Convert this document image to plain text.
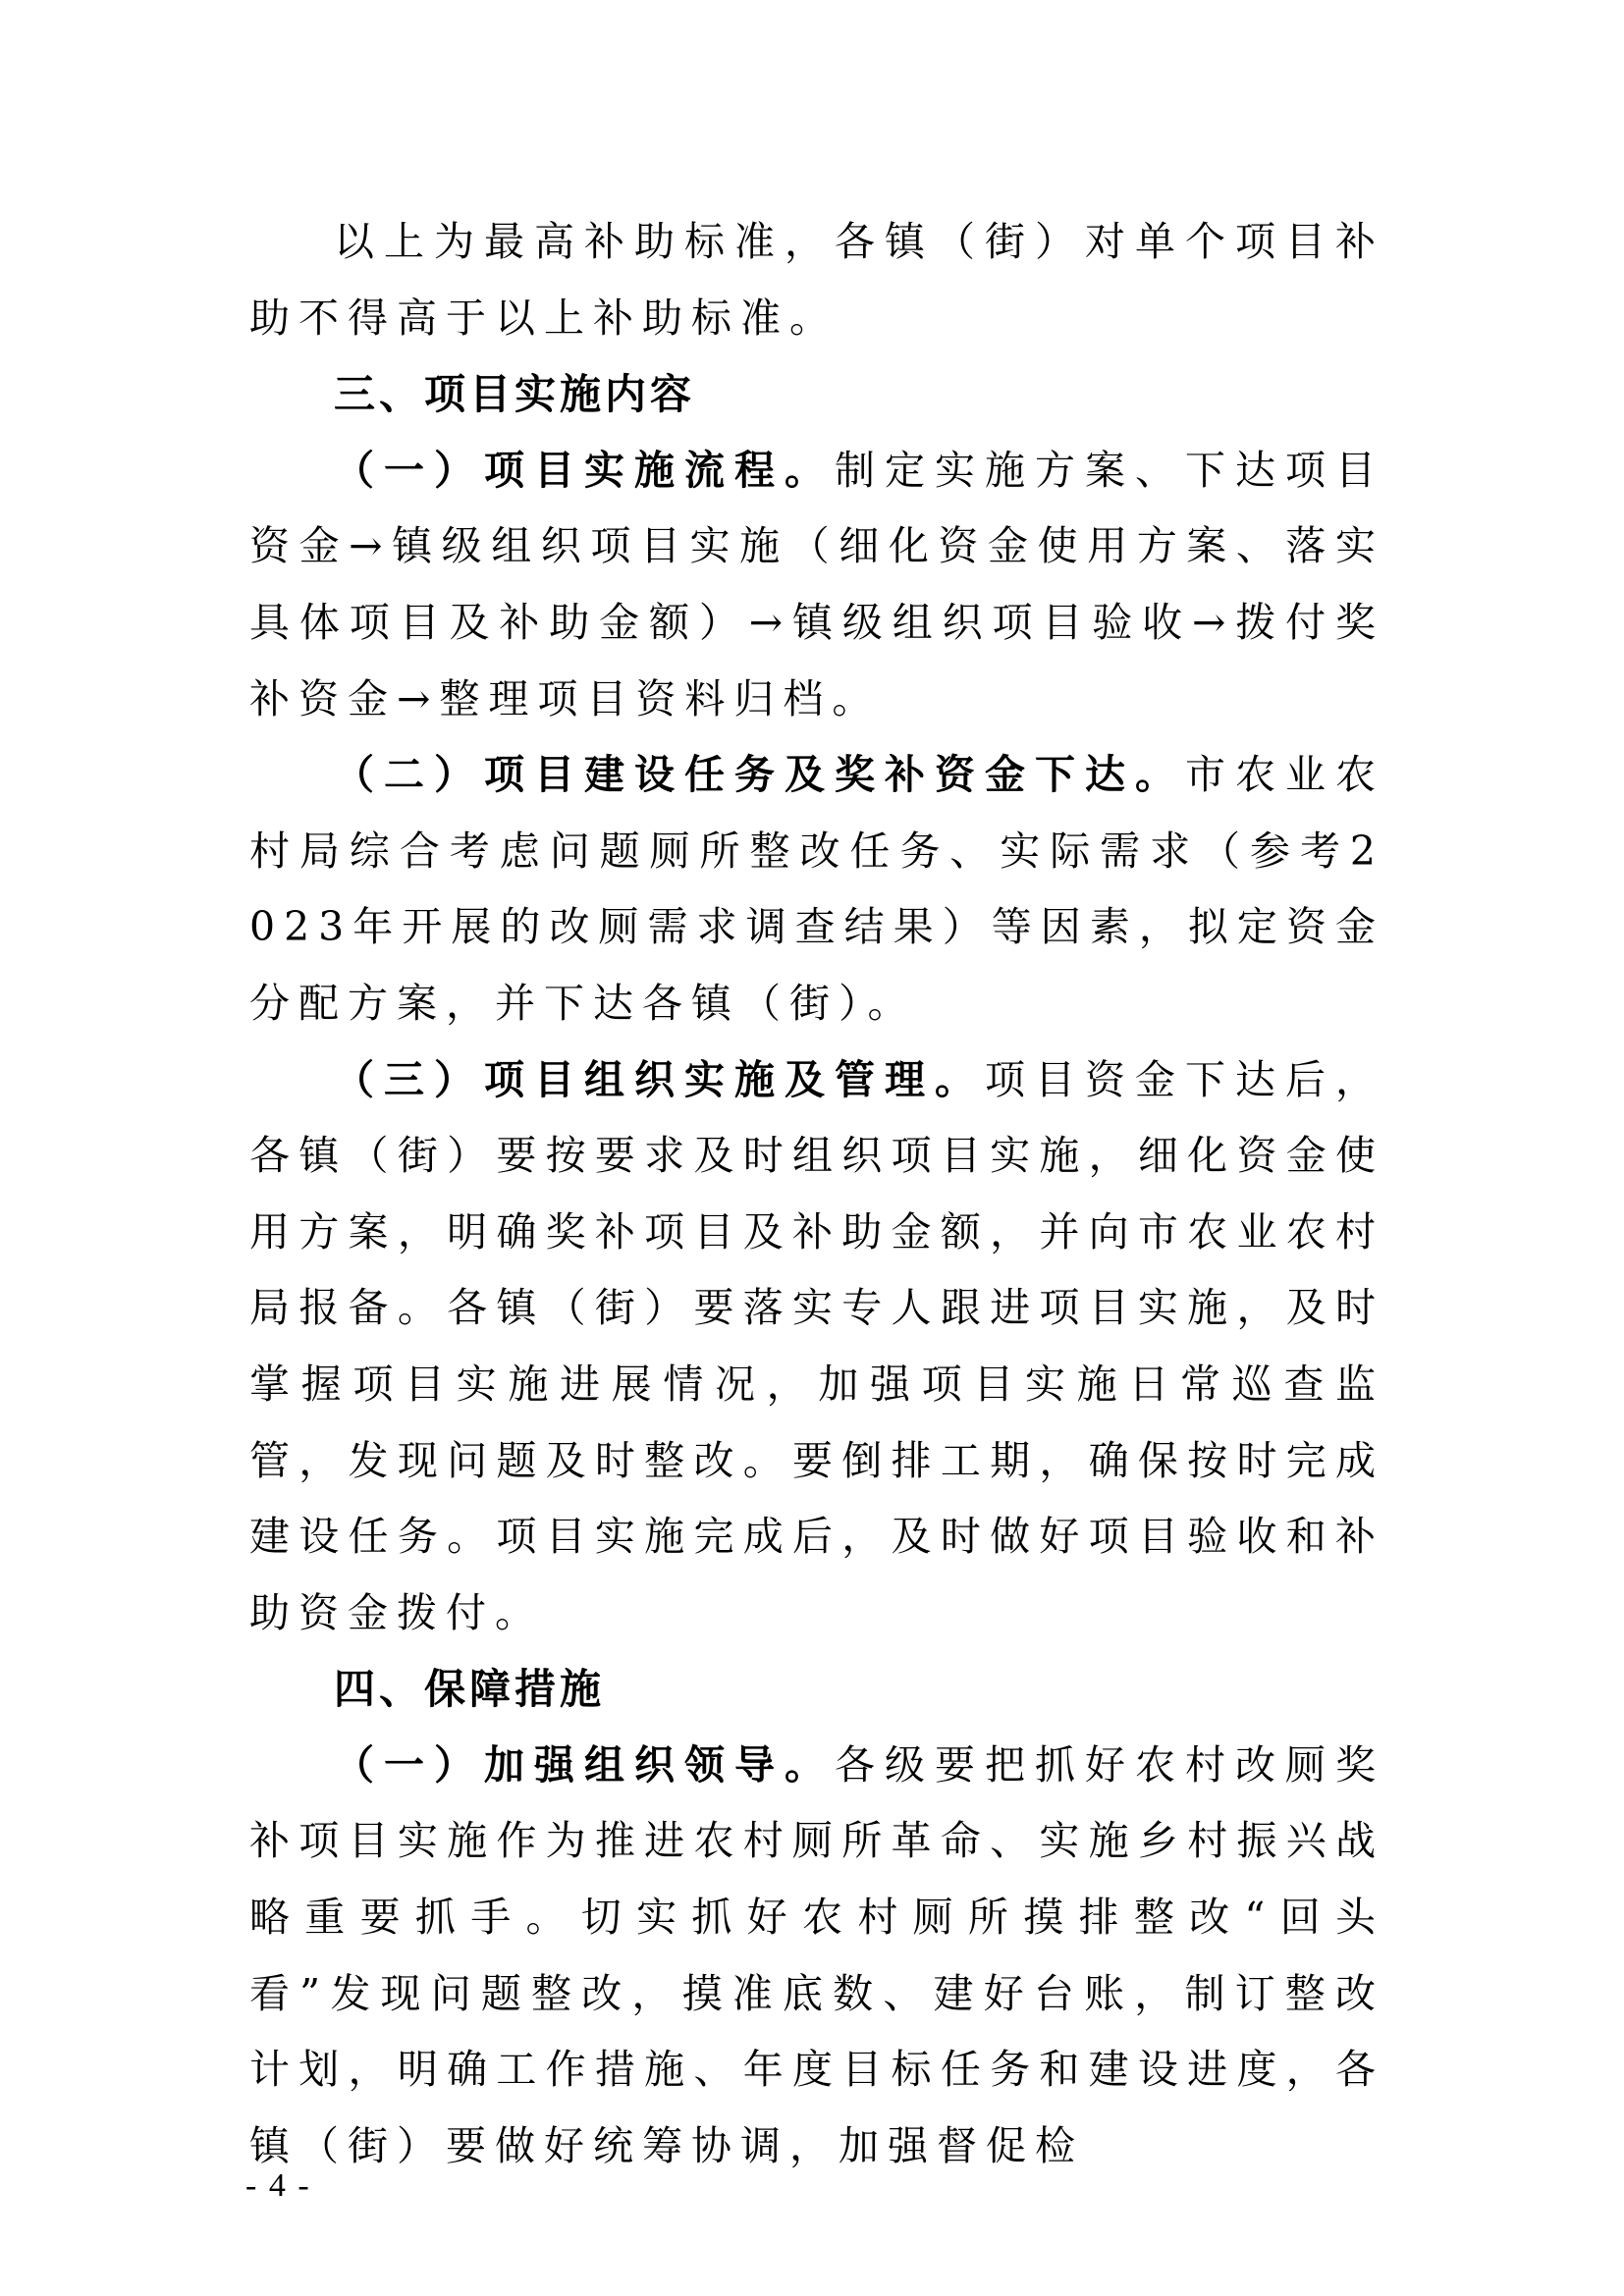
以上为最高补助标准，各镇（街）对单个项目补助不得高于以上补助标准。

三、项目实施内容

（一）项目实施流程。制定实施方案、下达项目资金→镇级组织项目实施（细化资金使用方案、落实具体项目及补助金额）→镇级组织项目验收→拨付奖补资金→整理项目资料归档。

（二）项目建设任务及奖补资金下达。市农业农村局综合考虑问题厕所整改任务、实际需求（参考2023年开展的改厕需求调查结果）等因素，拟定资金分配方案，并下达各镇（街）。

（三）项目组织实施及管理。项目资金下达后，各镇（街）要按要求及时组织项目实施，细化资金使用方案，明确奖补项目及补助金额，并向市农业农村局报备。各镇（街）要落实专人跟进项目实施，及时掌握项目实施进展情况，加强项目实施日常巡查监管，发现问题及时整改。要倒排工期，确保按时完成建设任务。项目实施完成后，及时做好项目验收和补助资金拨付。

四、保障措施

（一）加强组织领导。各级要把抓好农村改厕奖补项目实施作为推进农村厕所革命、实施乡村振兴战略重要抓手。切实抓好农村厕所摸排整改“回头看”发现问题整改，摸准底数、建好台账，制订整改计划，明确工作措施、年度目标任务和建设进度，各镇（街）要做好统筹协调，加强督促检

- 4 -
